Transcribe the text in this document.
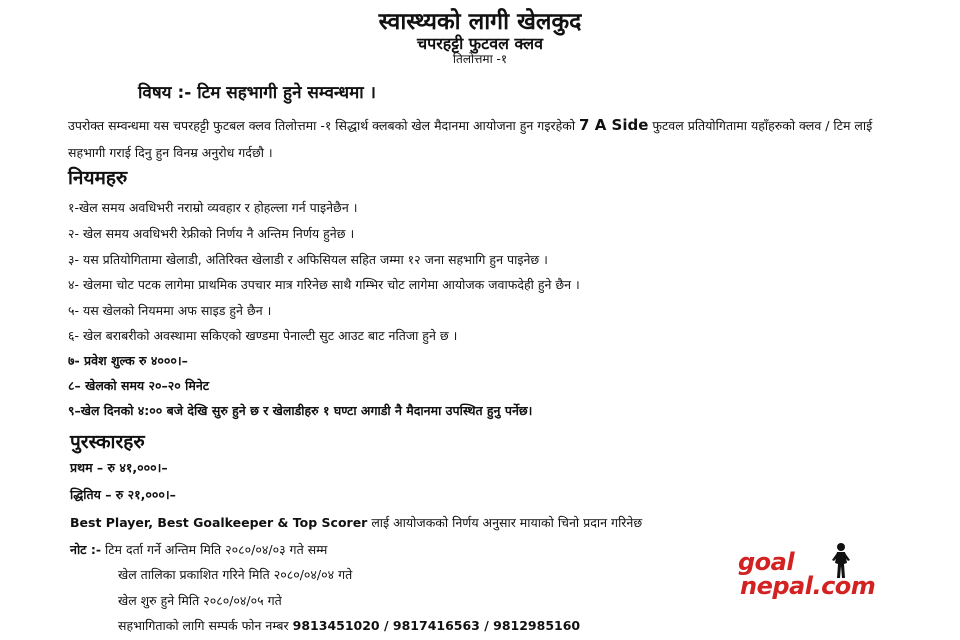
स्वास्थ्यको लागी खेलकुद
चपरहट्टी फुटवल क्लव
तिलोत्तमा -१
विषय :- टिम सहभागी हुने सम्वन्धमा ।
उपरोक्त सम्वन्धमा यस चपरहट्टी फुटबल क्लव तिलोत्तमा -१ सिद्धार्थ क्लबको खेल मैदानमा आयोजना हुन गइरहेको 7 A Side फुटवल प्रतियोगितामा यहाँहरुको क्लव / टिम लाई सहभागी गराई दिनु हुन विनम्र अनुरोध गर्दछौ ।
नियमहरु
१-खेल समय अवधिभरी नराम्रो व्यवहार र होहल्ला गर्न पाइनेछैन ।
२- खेल समय अवधिभरी रेफ्रीको निर्णय नै अन्तिम निर्णय हुनेछ ।
३- यस प्रतियोगितामा खेलाडी, अतिरिक्त खेलाडी र अफिसियल सहित जम्मा १२ जना सहभागि हुन पाइनेछ ।
४- खेलमा चोट पटक लागेमा प्राथमिक उपचार मात्र गरिनेछ साथै गम्भिर चोट लागेमा आयोजक जवाफदेही हुने छैन ।
५- यस खेलको नियममा अफ साइड हुने छैन ।
६- खेल बराबरीको अवस्थामा सकिएको खण्डमा पेनाल्टी सुट आउट बाट नतिजा हुने छ ।
७- प्रवेश शुल्क रु ४०००।–
८– खेलको समय २०–२० मिनेट
९–खेल दिनको ४:०० बजे देखि सुरु हुने छ र खेलाडीहरु १ घण्टा अगाडी नै मैदानमा उपस्थित हुनु पर्नेछ।
पुरस्कारहरु
प्रथम – रु ४१,०००।–
द्धितिय – रु २१,०००।–
Best Player, Best Goalkeeper & Top Scorer लाई आयोजकको निर्णय अनुसार मायाको चिनो प्रदान गरिनेछ
नोट :- टिम दर्ता गर्ने अन्तिम मिति २०८०/०४/०३ गते सम्म
खेल तालिका प्रकाशित गरिने मिति २०८०/०४/०४ गते
खेल शुरु हुने मिति २०८०/०४/०५ गते
सहभागिताको लागि सम्पर्क फोन नम्बर 9813451020 / 9817416563 / 9812985160
goal
nepal.com
